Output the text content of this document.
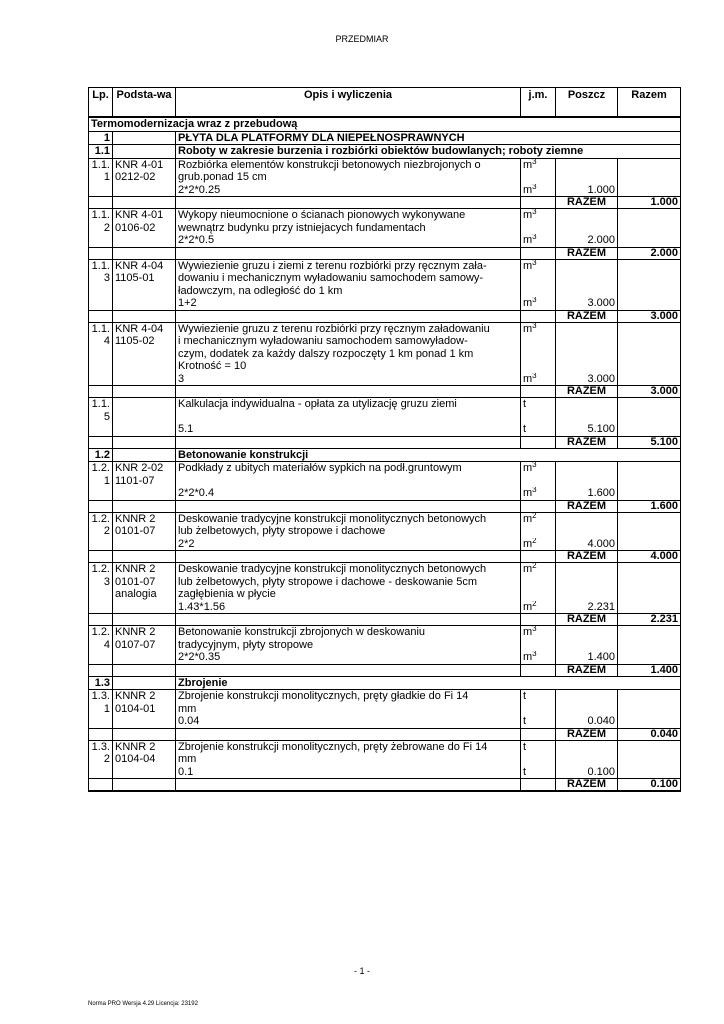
PRZEDMIAR
Lp.	Podsta-wa	Opis i wyliczenia	j.m.	Poszcz	Razem
Termomodernizacja wraz z przebudową					
1		PŁYTA DLA PLATFORMY DLA NIEPEŁNOSPRAWNYCH			
1.1		Roboty w zakresie burzenia i rozbiórki obiektów budowlanych; roboty ziemne			
1.1.	KNR 4-01	Rozbiórka elementów konstrukcji betonowych niezbrojonych o	$m^3$		
1	0212-02	grub.ponad 15 cm			
		2*2*0.25	$m^3$	1.000	
				RAZEM	1.000
1.1.	KNR 4-01	Wykopy nieumocnione o ścianach pionowych wykonywane	$m^3$		
2	0106-02	wewnątrz budynku przy istniejacych fundamentach			
		2*2*0.5	$m^3$	2.000	
				RAZEM	2.000
1.1.	KNR 4-04	Wywiezienie gruzu i ziemi z terenu rozbiórki przy ręcznym zała-	$m^3$		
3	1105-01	dowaniu i mechanicznym wyładowaniu samochodem samowy-			
		ładowczym, na odległość do 1 km			
		1+2	$m^3$	3.000	
				RAZEM	3.000
1.1.	KNR 4-04	Wywiezienie gruzu z terenu rozbiórki przy ręcznym załadowaniu	$m^3$		
4	1105-02	i mechanicznym wyładowaniu samochodem samowyładow-			
		czym, dodatek za każdy dalszy rozpoczęty 1 km ponad 1 km			
		Krotność = 10			
		3	$m^3$	3.000	
				RAZEM	3.000
1.1.		Kalkulacja indywidualna - opłata za utylizację gruzu ziemi	t		
5					
		5.1	t	5.100	
				RAZEM	5.100
1.2		Betonowanie konstrukcji			
1.2.	KNR 2-02	Podkłady z ubitych materiałów sypkich na podł.gruntowym	$m^3$		
1	1101-07				
		2*2*0.4	$m^3$	1.600	
				RAZEM	1.600
1.2.	KNNR 2	Deskowanie tradycyjne konstrukcji monolitycznych betonowych	$m^2$		
2	0101-07	lub żelbetowych, płyty stropowe i dachowe			
		2*2	$m^2$	4.000	
				RAZEM	4.000
1.2.	KNNR 2	Deskowanie tradycyjne konstrukcji monolitycznych betonowych	$m^2$		
3	0101-07	lub żelbetowych, płyty stropowe i dachowe - deskowanie 5cm			
	analogia	zagłębienia w płycie			
		1.43*1.56	$m^2$	2.231	
				RAZEM	2.231
1.2.	KNNR 2	Betonowanie konstrukcji zbrojonych w deskowaniu	$m^3$		
4	0107-07	tradycyjnym, płyty stropowe			
		2*2*0.35	$m^3$	1.400	
				RAZEM	1.400
1.3		Zbrojenie			
1.3.	KNNR 2	Zbrojenie konstrukcji monolitycznych, pręty gładkie do Fi 14	t		
1	0104-01	mm			
		0.04	t	0.040	
				RAZEM	0.040
1.3.	KNNR 2	Zbrojenie konstrukcji monolitycznych, pręty żebrowane do Fi 14	t		
2	0104-04	mm			
		0.1	t	0.100	
				RAZEM	0.100
- 1 -
Norma PRO Wersja 4.29 Licencja: 23192
